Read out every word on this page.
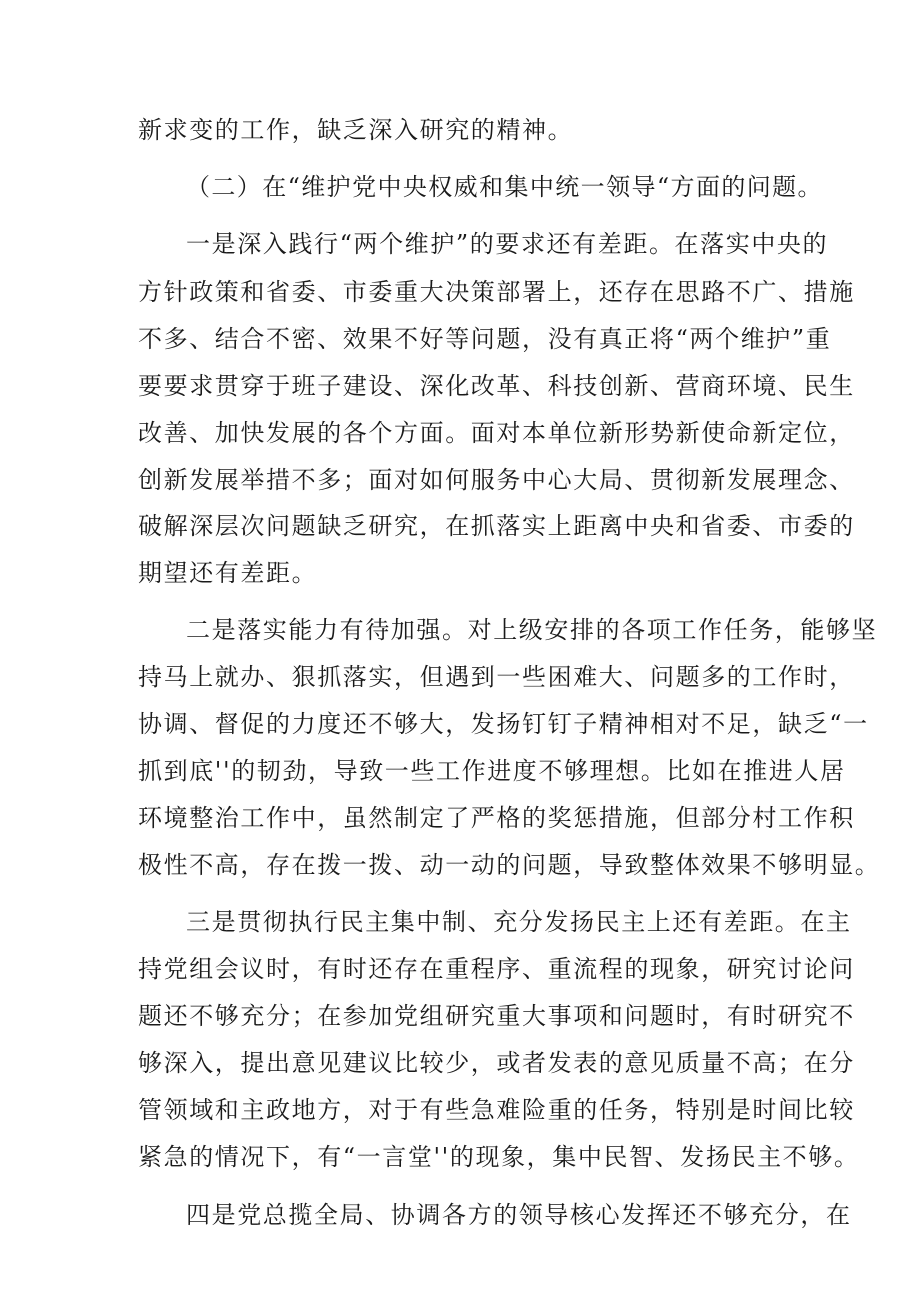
新求变的工作，缺乏深入研究的精神。
（二）在“维护党中央权威和集中统一领导“方面的问题。
一是深入践行“两个维护”的要求还有差距。在落实中央的
方针政策和省委、市委重大决策部署上，还存在思路不广、措施
不多、结合不密、效果不好等问题，没有真正将“两个维护”重
要要求贯穿于班子建设、深化改革、科技创新、营商环境、民生
改善、加快发展的各个方面。面对本单位新形势新使命新定位，
创新发展举措不多；面对如何服务中心大局、贯彻新发展理念、
破解深层次问题缺乏研究，在抓落实上距离中央和省委、市委的
期望还有差距。
二是落实能力有待加强。对上级安排的各项工作任务，能够坚
持马上就办、狠抓落实，但遇到一些困难大、问题多的工作时，
协调、督促的力度还不够大，发扬钉钉子精神相对不足，缺乏“一
抓到底''的韧劲，导致一些工作进度不够理想。比如在推进人居
环境整治工作中，虽然制定了严格的奖惩措施，但部分村工作积
极性不高，存在拨一拨、动一动的问题，导致整体效果不够明显。
三是贯彻执行民主集中制、充分发扬民主上还有差距。在主
持党组会议时，有时还存在重程序、重流程的现象，研究讨论问
题还不够充分；在参加党组研究重大事项和问题时，有时研究不
够深入，提出意见建议比较少，或者发表的意见质量不高；在分
管领域和主政地方，对于有些急难险重的任务，特别是时间比较
紧急的情况下，有“一言堂''的现象，集中民智、发扬民主不够。
四是党总揽全局、协调各方的领导核心发挥还不够充分，在
